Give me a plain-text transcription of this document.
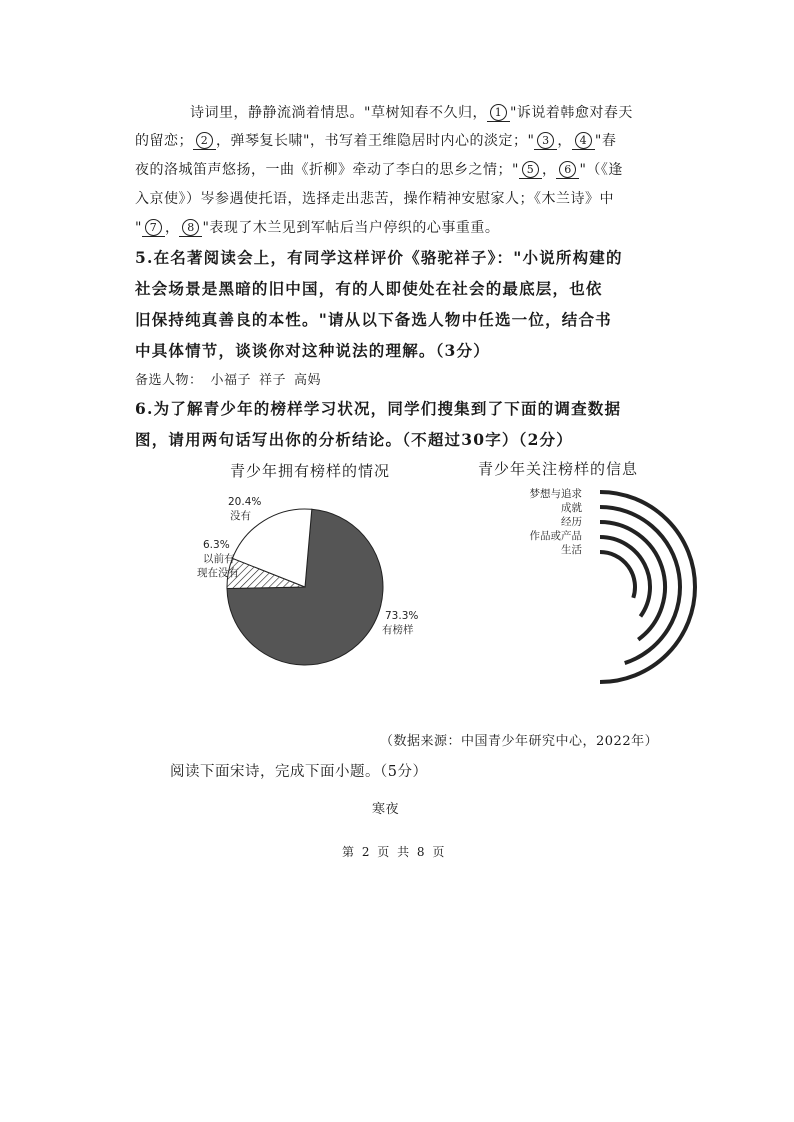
诗词里，静静流淌着情思。"草树知春不久归， 1 "诉说着韩愈对春天
的留恋； 2 ，弹琴复长啸"，书写着王维隐居时内心的淡定；" 3 ， 4 "春
夜的洛城笛声悠扬，一曲《折柳》牵动了李白的思乡之情；" 5 ， 6 "（《逢
入京使》）岑参遇使托语，选择走出悲苦，操作精神安慰家人；《木兰诗》中
" 7 ， 8 "表现了木兰见到军帖后当户停织的心事重重。
5.在名著阅读会上，有同学这样评价《骆驼祥子》："小说所构建的
社会场景是黑暗的旧中国，有的人即使处在社会的最底层，也依
旧保持纯真善良的本性。"请从以下备选人物中任选一位，结合书
中具体情节，谈谈你对这种说法的理解。（3分）
备选人物： 小福子 祥子 高妈
6.为了解青少年的榜样学习状况，同学们搜集到了下面的调查数据
图，请用两句话写出你的分析结论。（不超过30字）（2分）
青少年拥有榜样的情况	青少年关注榜样的信息
20.4%
没有
6.3%
以前有
现在没有
73.3%
有榜样
梦想与追求
成就
经历
作品或产品
生活
（数据来源：中国青少年研究中心，2022年）
阅读下面宋诗，完成下面小题。（5分）
寒夜
第 2 页 共 8 页
